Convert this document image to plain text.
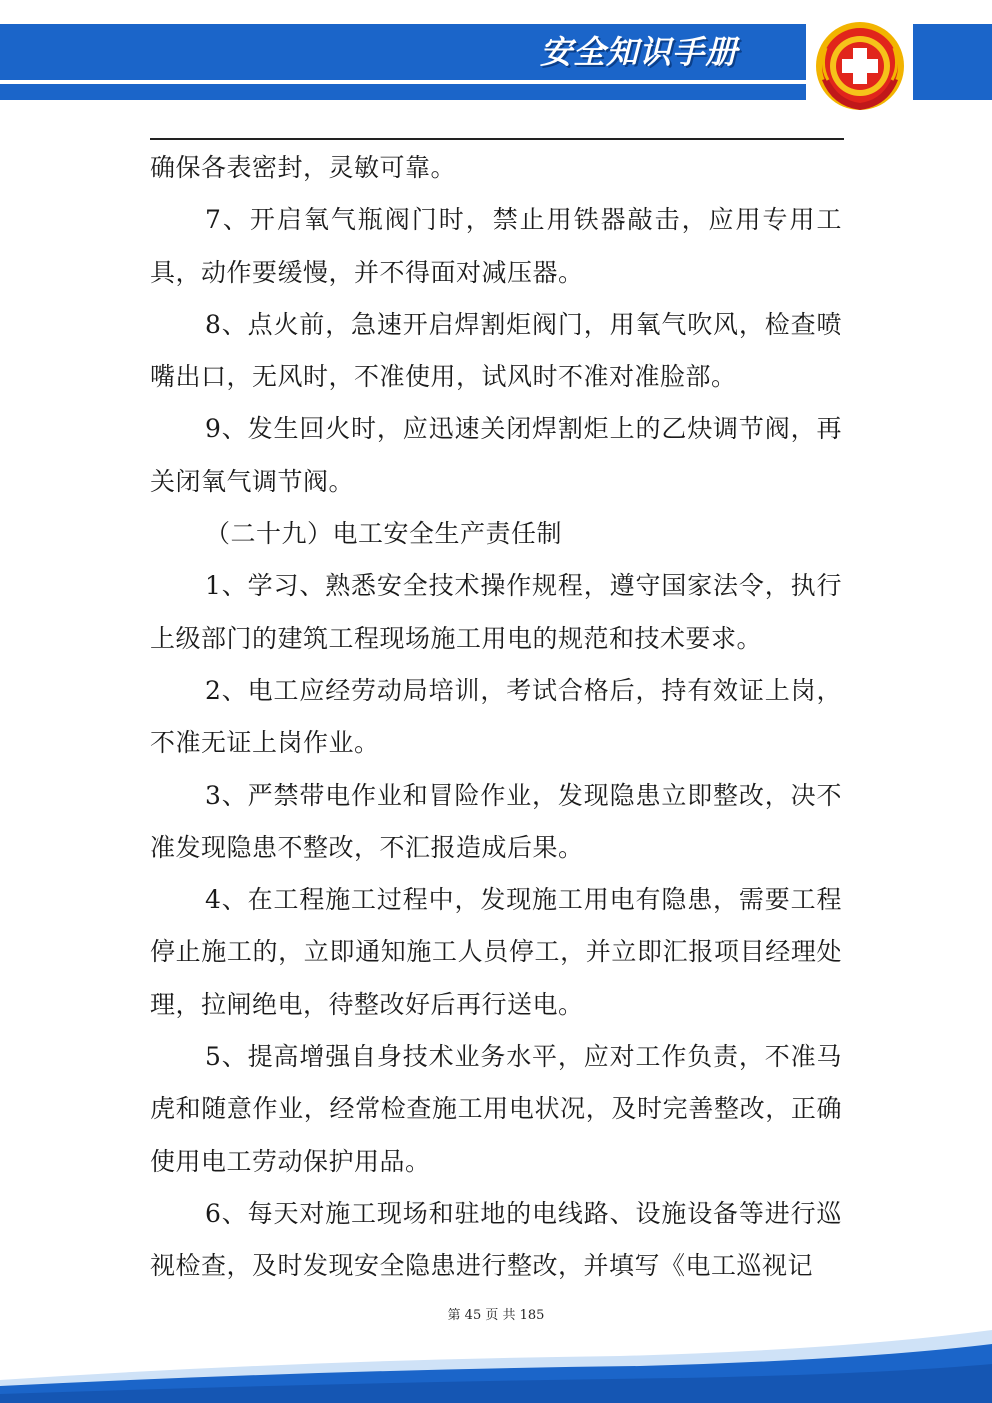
安全知识手册

确保各表密封，灵敏可靠。

7、开启氧气瓶阀门时，禁止用铁器敲击，应用专用工具，动作要缓慢，并不得面对减压器。

8、点火前，急速开启焊割炬阀门，用氧气吹风，检查喷嘴出口，无风时，不准使用，试风时不准对准脸部。

9、发生回火时，应迅速关闭焊割炬上的乙炔调节阀，再关闭氧气调节阀。

（二十九）电工安全生产责任制

1、学习、熟悉安全技术操作规程，遵守国家法令，执行上级部门的建筑工程现场施工用电的规范和技术要求。

2、电工应经劳动局培训，考试合格后，持有效证上岗，不准无证上岗作业。

3、严禁带电作业和冒险作业，发现隐患立即整改，决不准发现隐患不整改，不汇报造成后果。

4、在工程施工过程中，发现施工用电有隐患，需要工程停止施工的，立即通知施工人员停工，并立即汇报项目经理处理，拉闸绝电，待整改好后再行送电。

5、提高增强自身技术业务水平，应对工作负责，不准马虎和随意作业，经常检查施工用电状况，及时完善整改，正确使用电工劳动保护用品。

6、每天对施工现场和驻地的电线路、设施设备等进行巡视检查，及时发现安全隐患进行整改，并填写《电工巡视记

第 45 页 共 185
